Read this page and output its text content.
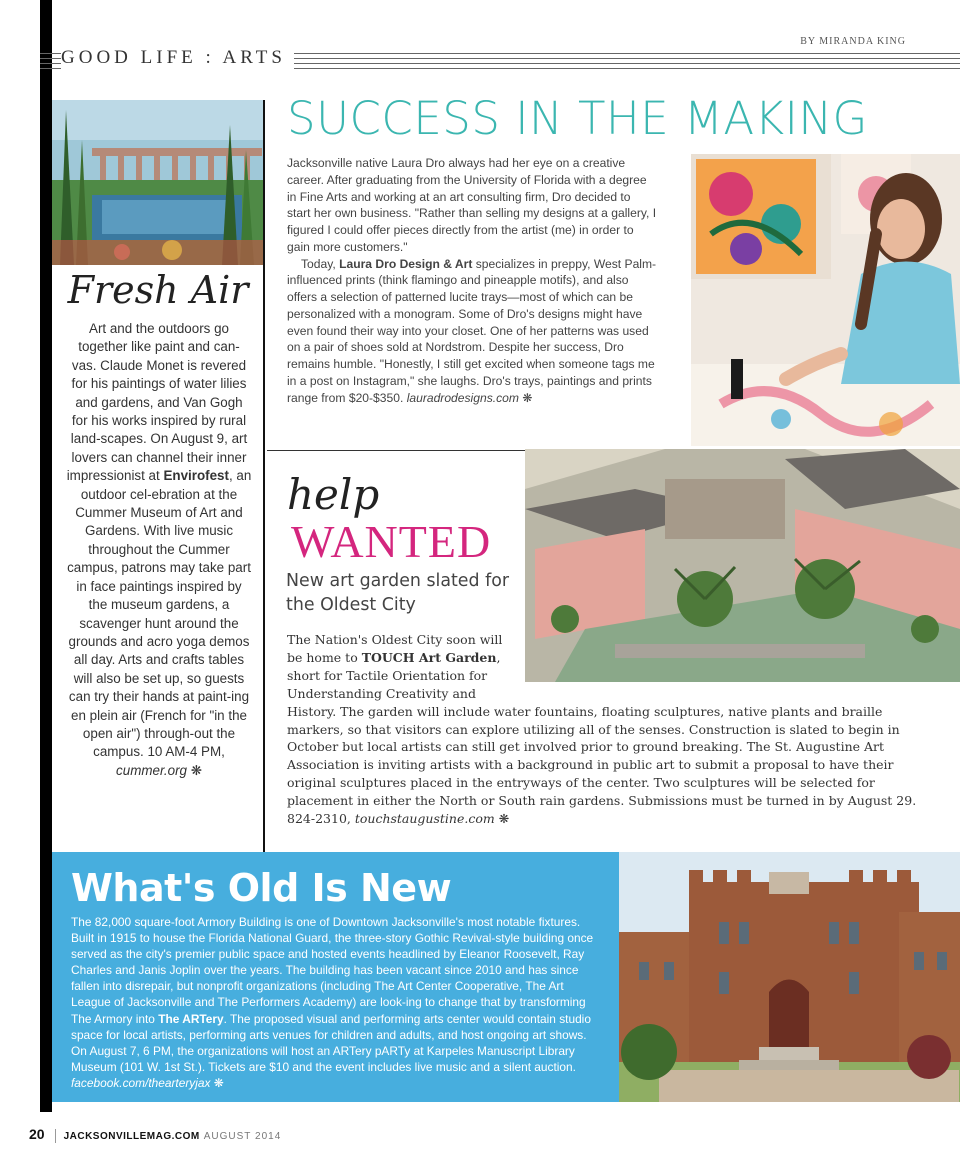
BY MIRANDA KING
GOOD LIFE : ARTS
Fresh Air
Art and the outdoors go together like paint and can-vas. Claude Monet is revered for his paintings of water lilies and gardens, and Van Gogh for his works inspired by rural land-scapes. On August 9, art lovers can channel their inner impressionist at Envirofest, an outdoor cel-ebration at the Cummer Museum of Art and Gardens. With live music throughout the Cummer campus, patrons may take part in face paintings inspired by the museum gardens, a scavenger hunt around the grounds and acro yoga demos all day. Arts and crafts tables will also be set up, so guests can try their hands at paint-ing en plein air (French for "in the open air") through-out the campus. 10 AM-4 PM, cummer.org ❋
SUCCESS IN THE MAKING

Jacksonville native Laura Dro always had her eye on a creative career. After graduating from the University of Florida with a degree in Fine Arts and working at an art consulting firm, Dro decided to start her own business. "Rather than selling my designs at a gallery, I figured I could offer pieces directly from the artist (me) in order to gain more customers."

Today, Laura Dro Design & Art specializes in preppy, West Palm-influenced prints (think flamingo and pineapple motifs), and also offers a selection of patterned lucite trays—most of which can be personalized with a monogram. Some of Dro's designs might have even found their way into your closet. One of her patterns was used on a pair of shoes sold at Nordstrom. Despite her success, Dro remains humble. "Honestly, I still get excited when someone tags me in a post on Instagram," she laughs. Dro's trays, paintings and prints range from $20-$350. lauradrodesigns.com ❋

help
WANTED
New art garden slated for the Oldest City
The Nation's Oldest City soon will be home to TOUCH Art Garden, short for Tactile Orientation for Understanding Creativity and
History. The garden will include water fountains, floating sculptures, native plants and braille markers, so that visitors can explore utilizing all of the senses. Construction is slated to begin in October but local artists can still get involved prior to ground breaking. The St. Augustine Art Association is inviting artists with a background in public art to submit a proposal to have their original sculptures placed in the entryways of the center. Two sculptures will be selected for placement in either the North or South rain gardens. Submissions must be turned in by August 29. 824-2310, touchstaugustine.com ❋
What's Old Is New
The 82,000 square-foot Armory Building is one of Downtown Jacksonville's most notable fixtures. Built in 1915 to house the Florida National Guard, the three-story Gothic Revival-style building once served as the city's premier public space and hosted events headlined by Eleanor Roosevelt, Ray Charles and Janis Joplin over the years. The building has been vacant since 2010 and has since fallen into disrepair, but nonprofit organizations (including The Art Center Cooperative, The Art League of Jacksonville and The Performers Academy) are look-ing to change that by transforming The Armory into The ARTery. The proposed visual and performing arts center would contain studio space for local artists, performing arts venues for children and adults, and host ongoing art shows. On August 7, 6 PM, the organizations will host an ARTery pARTy at Karpeles Manuscript Library Museum (101 W. 1st St.). Tickets are $10 and the event includes live music and a silent auction. facebook.com/thearteryjax ❋
20 JACKSONVILLEMAG.COM AUGUST 2014
